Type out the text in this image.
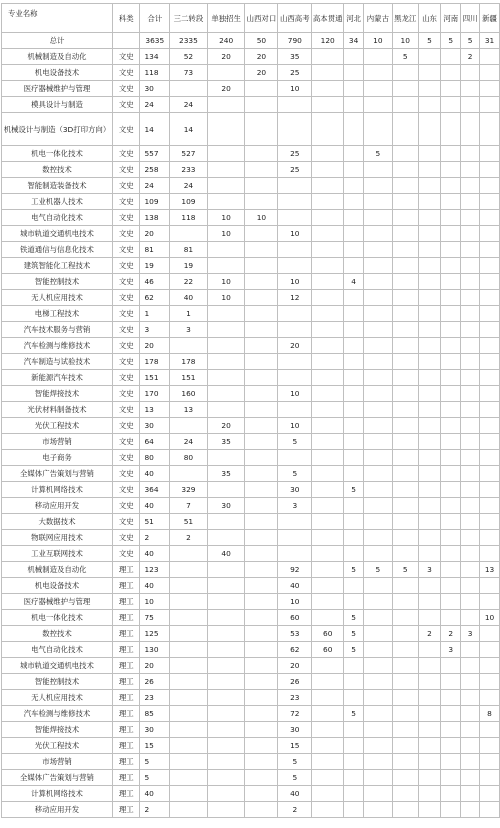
专业名称	科类	合计	三二转段	单独招生	山西对口	山西高考	高本贯通	河北	内蒙古	黑龙江	山东	河南	四川	新疆
总计		3635	2335	240	50	790	120	34	10	10	5	5	5	31
机械制造及自动化	文史	134	52	20	20	35				5			2	
机电设备技术	文史	118	73		20	25								
医疗器械维护与管理	文史	30		20		10								
模具设计与制造	文史	24	24											
机械设计与制造（3D打印方向）	文史	14	14											
机电一体化技术	文史	557	527			25			5					
数控技术	文史	258	233			25								
智能制造装备技术	文史	24	24											
工业机器人技术	文史	109	109											
电气自动化技术	文史	138	118	10	10									
城市轨道交通机电技术	文史	20		10		10								
铁道通信与信息化技术	文史	81	81											
建筑智能化工程技术	文史	19	19											
智能控制技术	文史	46	22	10		10		4						
无人机应用技术	文史	62	40	10		12								
电梯工程技术	文史	1	1											
汽车技术服务与营销	文史	3	3											
汽车检测与维修技术	文史	20				20								
汽车制造与试验技术	文史	178	178											
新能源汽车技术	文史	151	151											
智能焊接技术	文史	170	160			10								
光伏材料制备技术	文史	13	13											
光伏工程技术	文史	30		20		10								
市场营销	文史	64	24	35		5								
电子商务	文史	80	80											
全媒体广告策划与营销	文史	40		35		5								
计算机网络技术	文史	364	329			30		5						
移动应用开发	文史	40	7	30		3								
大数据技术	文史	51	51											
物联网应用技术	文史	2	2											
工业互联网技术	文史	40		40										
机械制造及自动化	理工	123				92		5	5	5	3			13
机电设备技术	理工	40				40								
医疗器械维护与管理	理工	10				10								
机电一体化技术	理工	75				60		5						10
数控技术	理工	125				53	60	5			2	2	3	
电气自动化技术	理工	130				62	60	5				3		
城市轨道交通机电技术	理工	20				20								
智能控制技术	理工	26				26								
无人机应用技术	理工	23				23								
汽车检测与维修技术	理工	85				72		5						8
智能焊接技术	理工	30				30								
光伏工程技术	理工	15				15								
市场营销	理工	5				5								
全媒体广告策划与营销	理工	5				5								
计算机网络技术	理工	40				40								
移动应用开发	理工	2				2								
